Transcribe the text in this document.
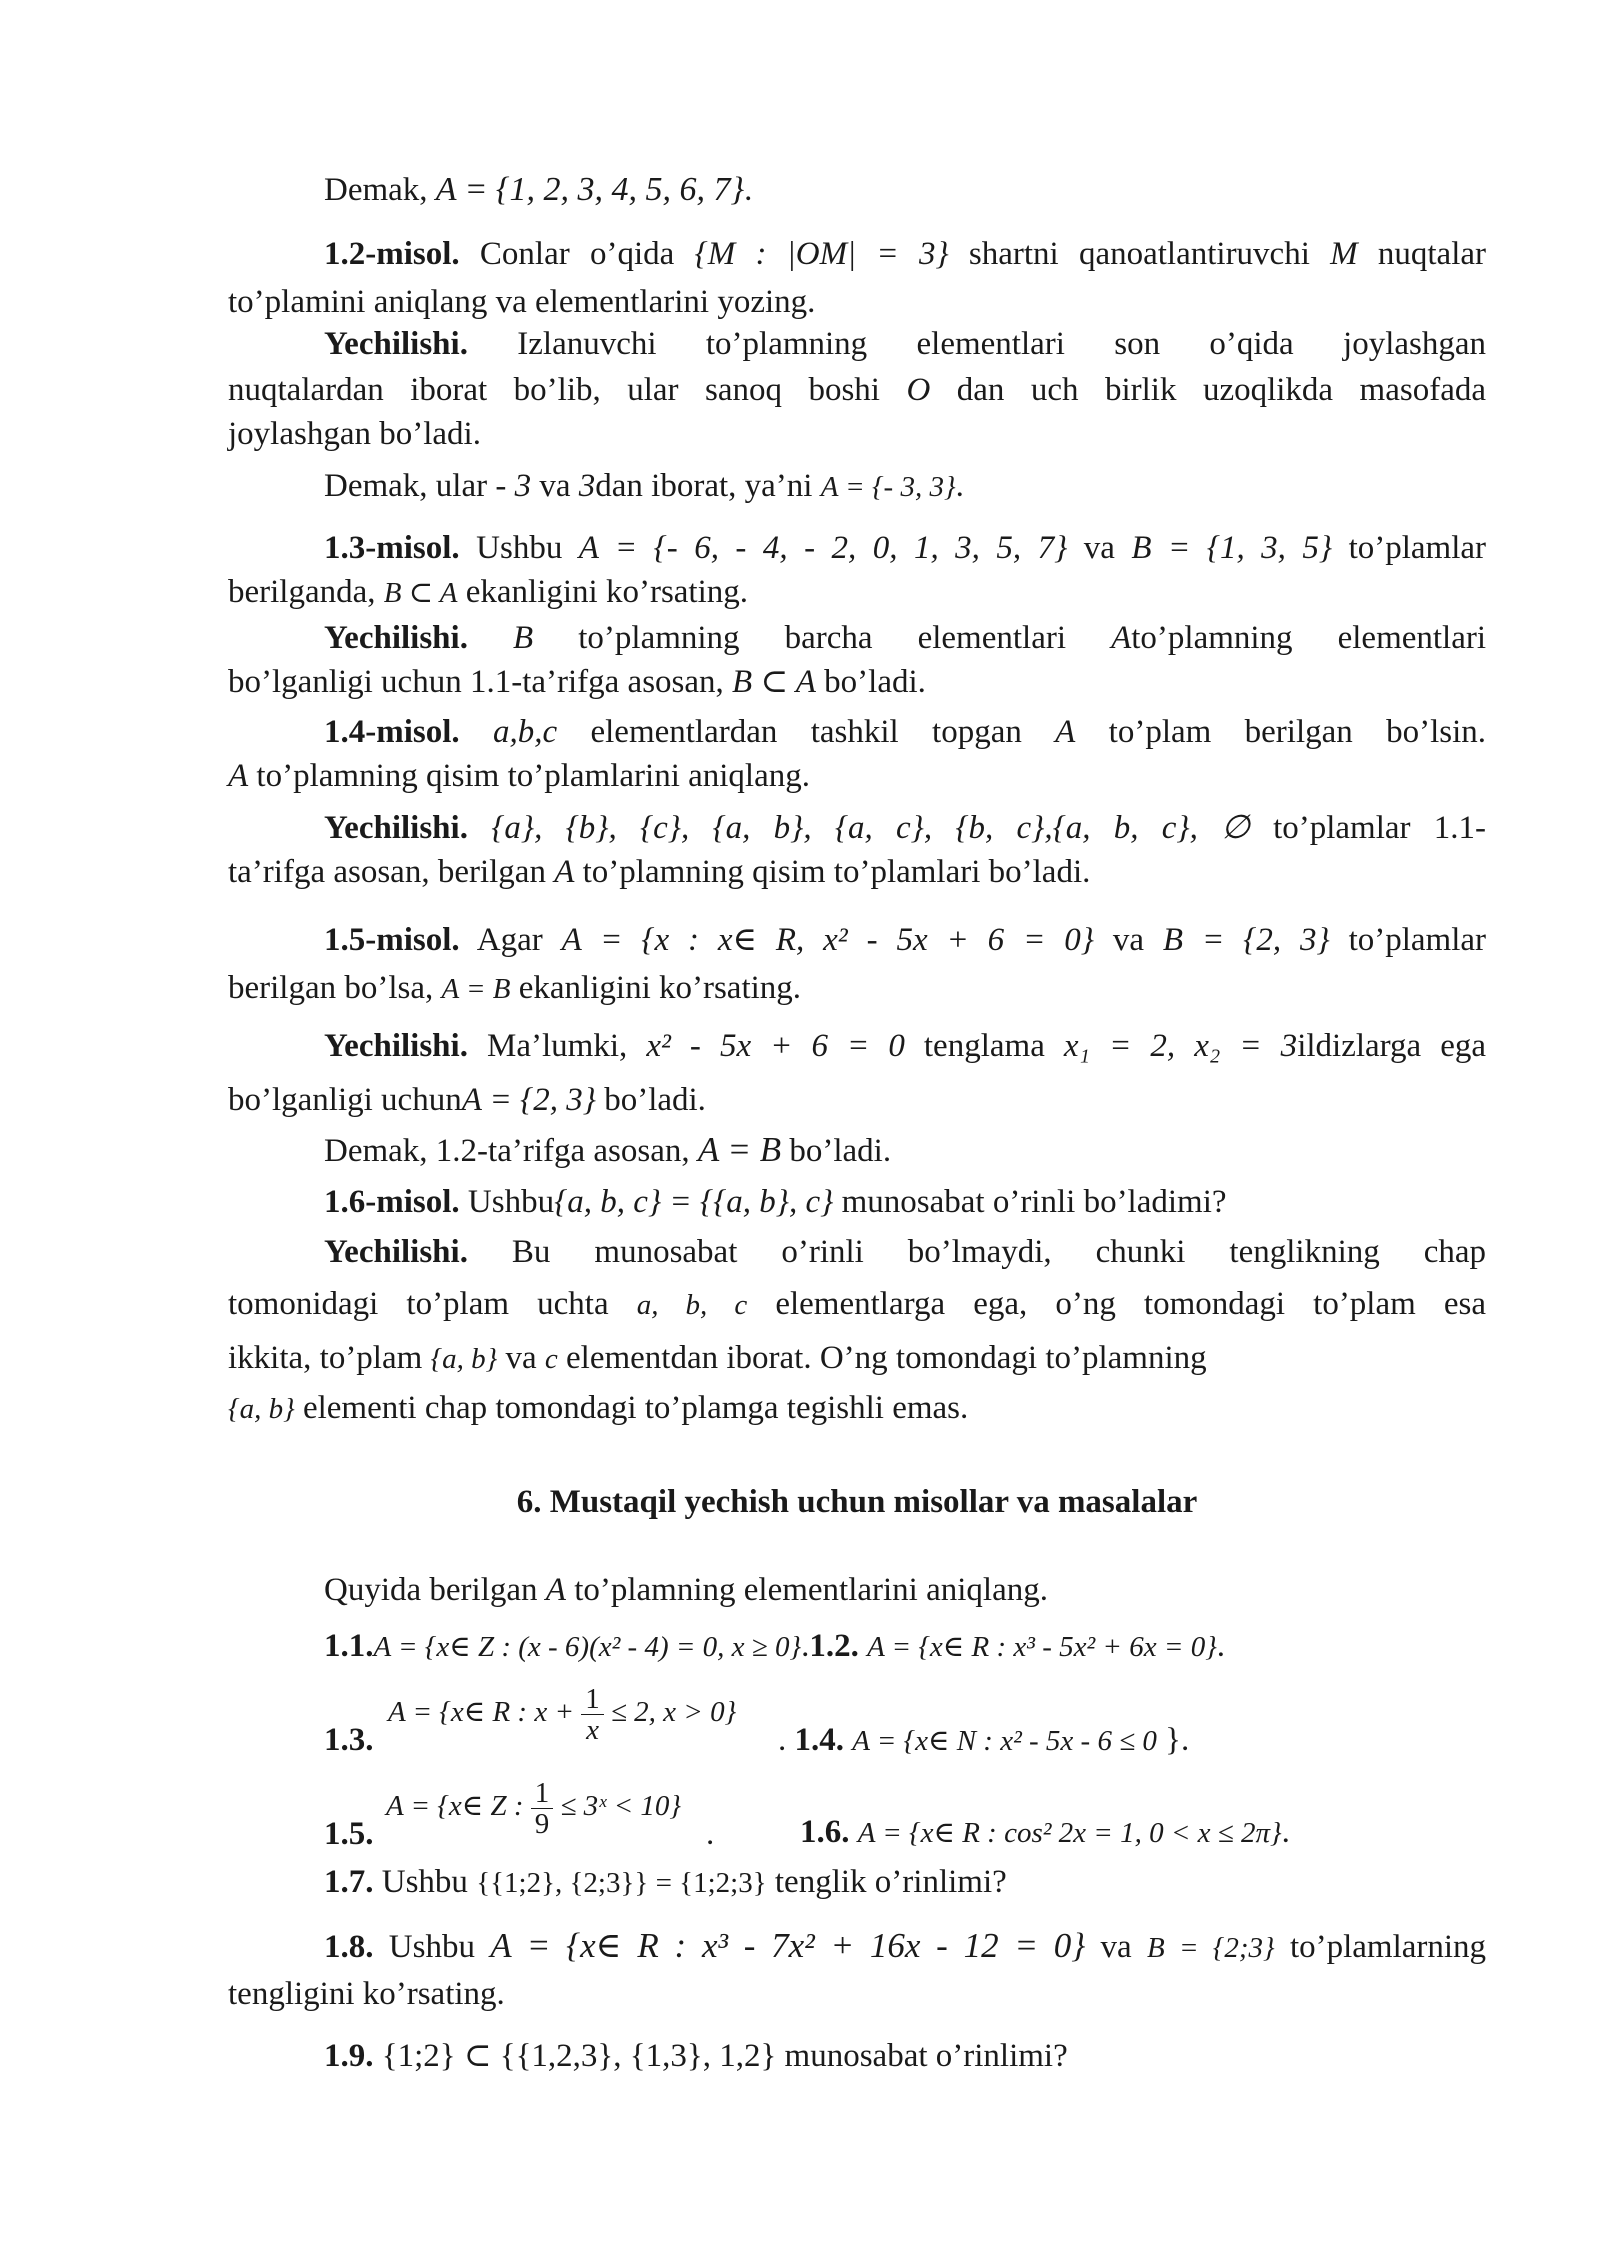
Demak, A = {1, 2, 3, 4, 5, 6, 7}.
1.2-misol. Conlar o’qida {M : |OM| = 3} shartni qanoatlantiruvchi M nuqtalar
to’plamini aniqlang va elementlarini yozing.
Yechilishi. Izlanuvchi to’plamning elementlari son o’qida joylashgan
nuqtalardan iborat bo’lib, ular sanoq boshi O dan uch birlik uzoqlikda masofada
joylashgan bo’ladi.
Demak, ular - 3 va 3dan iborat, ya’ni A = {- 3, 3}.
1.3-misol. Ushbu A = {- 6, - 4, - 2, 0, 1, 3, 5, 7} va B = {1, 3, 5} to’plamlar
berilganda, B ⊂ A ekanligini ko’rsating.
Yechilishi. B to’plamning barcha elementlari Ato’plamning elementlari
bo’lganligi uchun 1.1-ta’rifga asosan, B ⊂ A bo’ladi.
1.4-misol. a,b,c elementlardan tashkil topgan A to’plam berilgan bo’lsin.
A to’plamning qisim to’plamlarini aniqlang.
Yechilishi. {a}, {b}, {c}, {a, b}, {a, c}, {b, c},{a, b, c}, ∅ to’plamlar 1.1-
ta’rifga asosan, berilgan A to’plamning qisim to’plamlari bo’ladi.
1.5-misol. Agar A = {x : x∈ R, x² - 5x + 6 = 0} va B = {2, 3} to’plamlar
berilgan bo’lsa, A = B ekanligini ko’rsating.
Yechilishi. Ma’lumki, x² - 5x + 6 = 0 tenglama x₁ = 2, x₂ = 3ildizlarga ega
bo’lganligi uchunA = {2, 3} bo’ladi.
Demak, 1.2-ta’rifga asosan, A = B bo’ladi.
1.6-misol. Ushbu{a, b, c} = {{a, b}, c} munosabat o’rinli bo’ladimi?
Yechilishi. Bu munosabat o’rinli bo’lmaydi, chunki tenglikning chap
tomonidagi to’plam uchta a, b, c elementlarga ega, o’ng tomondagi to’plam esa
ikkita, to’plam {a, b} va c elementdan iborat. O’ng tomondagi to’plamning
{a, b} elementi chap tomondagi to’plamga tegishli emas.
6. Mustaqil yechish uchun misollar va masalalar
Quyida berilgan A to’plamning elementlarini aniqlang.
1.1.A = {x∈ Z : (x - 6)(x² - 4) = 0, x ≥ 0}.1.2. A = {x∈ R : x³ - 5x² + 6x = 0}.
1.3.
A = {x∈ R : $x + \frac{1}{x} \le 2$, x > 0}
. 1.4. A = {x∈ N : x² - 5x - 6 ≤ 0 }.
1.5.
A = {x∈ Z : $\frac{1}{9}$ ≤ 3ˣ < 10}
.	1.6. A = {x∈ R : cos² 2x = 1, 0 < x ≤ 2π}.
1.7. Ushbu {{1;2}, {2;3}} = {1;2;3} tenglik o’rinlimi?
1.8. Ushbu A = {x∈ R : x³ - 7x² + 16x - 12 = 0} va B = {2;3} to’plamlarning
tengligini ko’rsating.
1.9. {1;2} ⊂ {{1,2,3}, {1,3}, 1,2} munosabat o’rinlimi?
